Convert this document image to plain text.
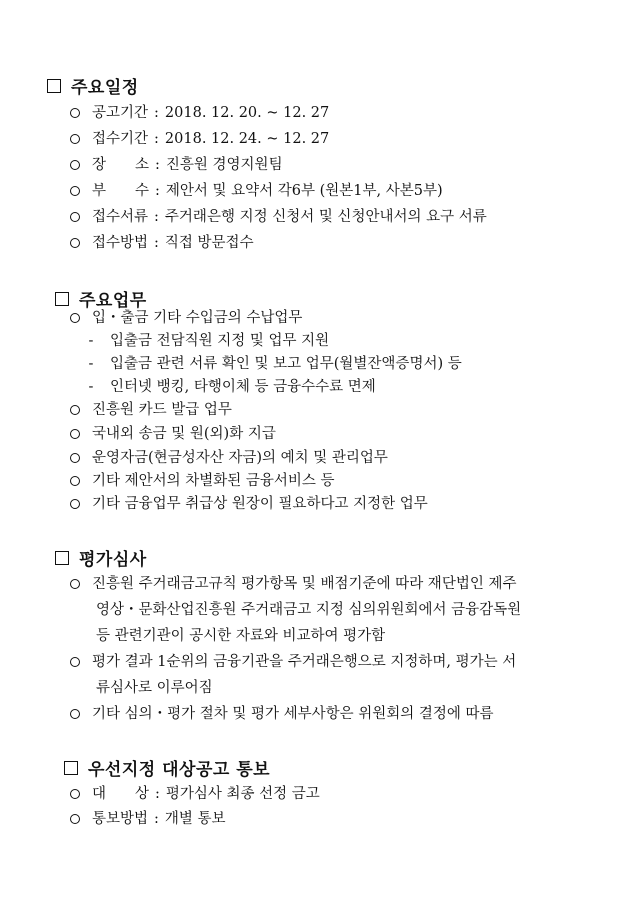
주요일정
공고기간 : 2018. 12. 20. ~ 12. 27
접수기간 : 2018. 12. 24. ~ 12. 27
장　　소 : 진흥원 경영지원팀
부　　수 : 제안서 및 요약서 각6부 (원본1부, 사본5부)
접수서류 : 주거래은행 지정 신청서 및 신청안내서의 요구 서류
접수방법 : 직접 방문접수
주요업무
입・출금 기타 수입금의 수납업무
- 입출금 전담직원 지정 및 업무 지원
- 입출금 관련 서류 확인 및 보고 업무(월별잔액증명서) 등
- 인터넷 뱅킹, 타행이체 등 금융수수료 면제
진흥원 카드 발급 업무
국내외 송금 및 원(외)화 지급
운영자금(현금성자산 자금)의 예치 및 관리업무
기타 제안서의 차별화된 금융서비스 등
기타 금융업무 취급상 원장이 필요하다고 지정한 업무
평가심사
진흥원 주거래금고규칙 평가항목 및 배점기준에 따라 재단법인 제주
영상・문화산업진흥원 주거래금고 지정 심의위원회에서 금융감독원
등 관련기관이 공시한 자료와 비교하여 평가함
평가 결과 1순위의 금융기관을 주거래은행으로 지정하며, 평가는 서
류심사로 이루어짐
기타 심의・평가 절차 및 평가 세부사항은 위원회의 결정에 따름
우선지정 대상공고 통보
대　　상 : 평가심사 최종 선정 금고
통보방법 : 개별 통보
